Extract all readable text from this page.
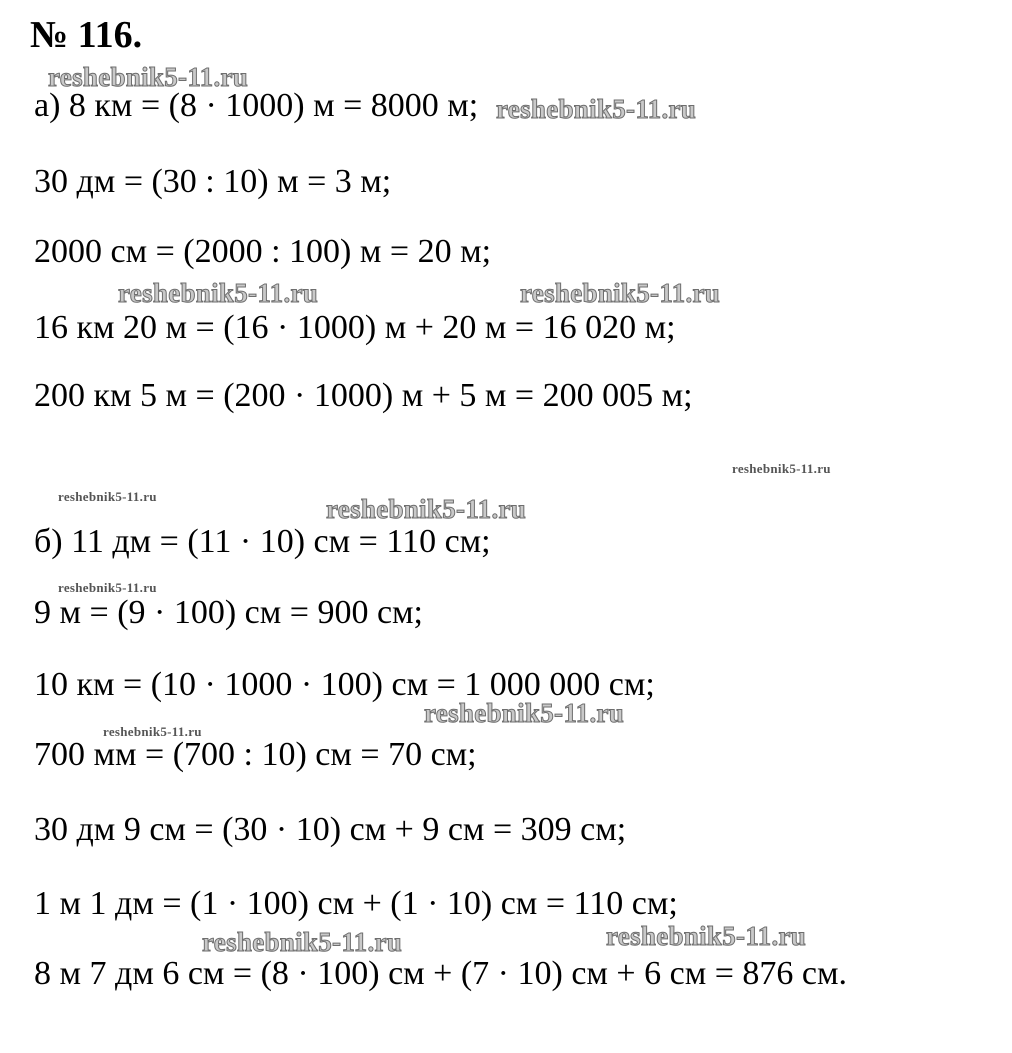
№ 116.
а) 8 км = (8 · 1000) м = 8000 м;
30 дм = (30 : 10) м = 3 м;
2000 см = (2000 : 100) м = 20 м;
16 км 20 м = (16 · 1000) м + 20 м = 16 020 м;
200 км 5 м = (200 · 1000) м + 5 м = 200 005 м;
б) 11 дм = (11 · 10) см = 110 см;
9 м = (9 · 100) см = 900 см;
10 км = (10 · 1000 · 100) см = 1 000 000 см;
700 мм = (700 : 10) см = 70 см;
30 дм 9 см = (30 · 10) см + 9 см = 309 см;
1 м 1 дм = (1 · 100) см + (1 · 10) см = 110 см;
8 м 7 дм 6 см = (8 · 100) см + (7 · 10) см + 6 см = 876 см.
reshebnik5-11.ru
reshebnik5-11.ru
reshebnik5-11.ru	reshebnik5-11.ru
reshebnik5-11.ru
reshebnik5-11.ru	reshebnik5-11.ru
reshebnik5-11.ru
reshebnik5-11.ru
reshebnik5-11.ru
reshebnik5-11.ru	reshebnik5-11.ru
